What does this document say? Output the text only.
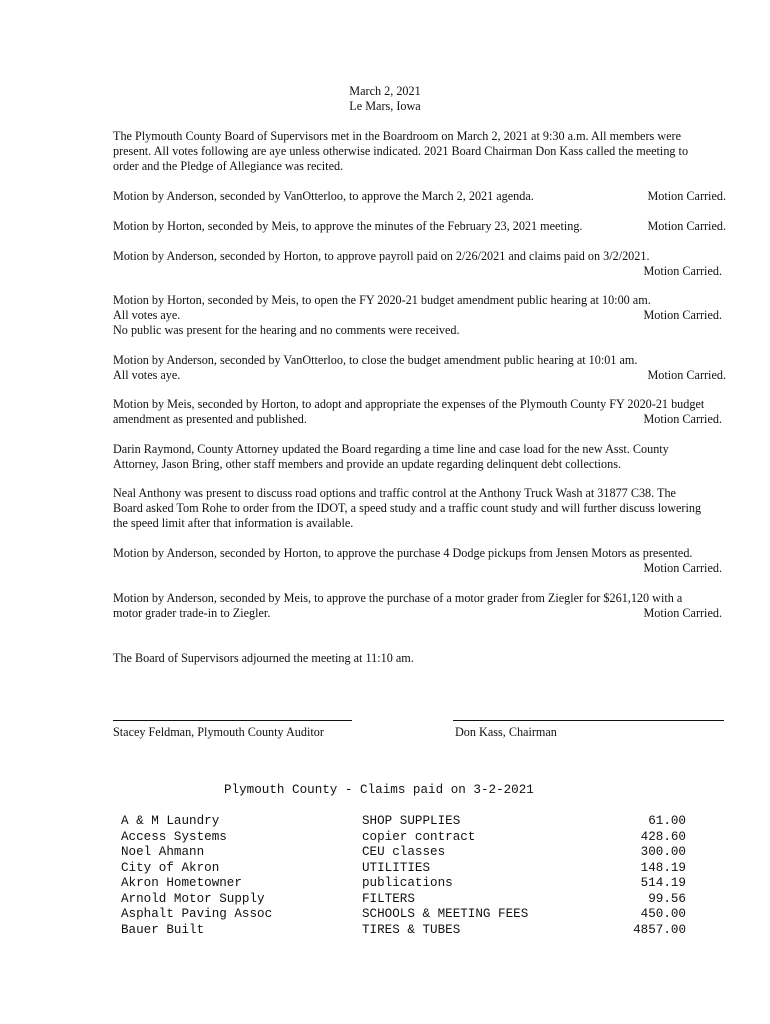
March 2, 2021
Le Mars, Iowa
The Plymouth County Board of Supervisors met in the Boardroom on March 2, 2021 at 9:30 a.m. All members were
present. All votes following are aye unless otherwise indicated. 2021 Board Chairman Don Kass called the meeting to
order and the Pledge of Allegiance was recited.
Motion by Anderson, seconded by VanOtterloo, to approve the March 2, 2021 agenda.	Motion Carried.
Motion by Horton, seconded by Meis, to approve the minutes of the February 23, 2021 meeting.	Motion Carried.
Motion by Anderson, seconded by Horton, to approve payroll paid on 2/26/2021 and claims paid on 3/2/2021.
Motion Carried.
Motion by Horton, seconded by Meis, to open the FY 2020-21 budget amendment public hearing at 10:00 am.
All votes aye.	Motion Carried.
No public was present for the hearing and no comments were received.
Motion by Anderson, seconded by VanOtterloo, to close the budget amendment public hearing at 10:01 am.
All votes aye.	Motion Carried.
Motion by Meis, seconded by Horton, to adopt and appropriate the expenses of the Plymouth County FY 2020-21 budget
amendment as presented and published.	Motion Carried.
Darin Raymond, County Attorney updated the Board regarding a time line and case load for the new Asst. County
Attorney, Jason Bring, other staff members and provide an update regarding delinquent debt collections.
Neal Anthony was present to discuss road options and traffic control at the Anthony Truck Wash at 31877 C38. The
Board asked Tom Rohe to order from the IDOT, a speed study and a traffic count study and will further discuss lowering
the speed limit after that information is available.
Motion by Anderson, seconded by Horton, to approve the purchase 4 Dodge pickups from Jensen Motors as presented.
Motion Carried.
Motion by Anderson, seconded by Meis, to approve the purchase of a motor grader from Ziegler for $261,120 with a
motor grader trade-in to Ziegler.	Motion Carried.
The Board of Supervisors adjourned the meeting at 11:10 am.
Stacey Feldman, Plymouth County Auditor	Don Kass, Chairman
Plymouth County - Claims paid on 3-2-2021
A & M Laundry	SHOP SUPPLIES	61.00
Access Systems	copier contract	428.60
Noel Ahmann	CEU classes	300.00
City of Akron	UTILITIES	148.19
Akron Hometowner	publications	514.19
Arnold Motor Supply	FILTERS	99.56
Asphalt Paving Assoc	SCHOOLS & MEETING FEES	450.00
Bauer Built	TIRES & TUBES	4857.00
